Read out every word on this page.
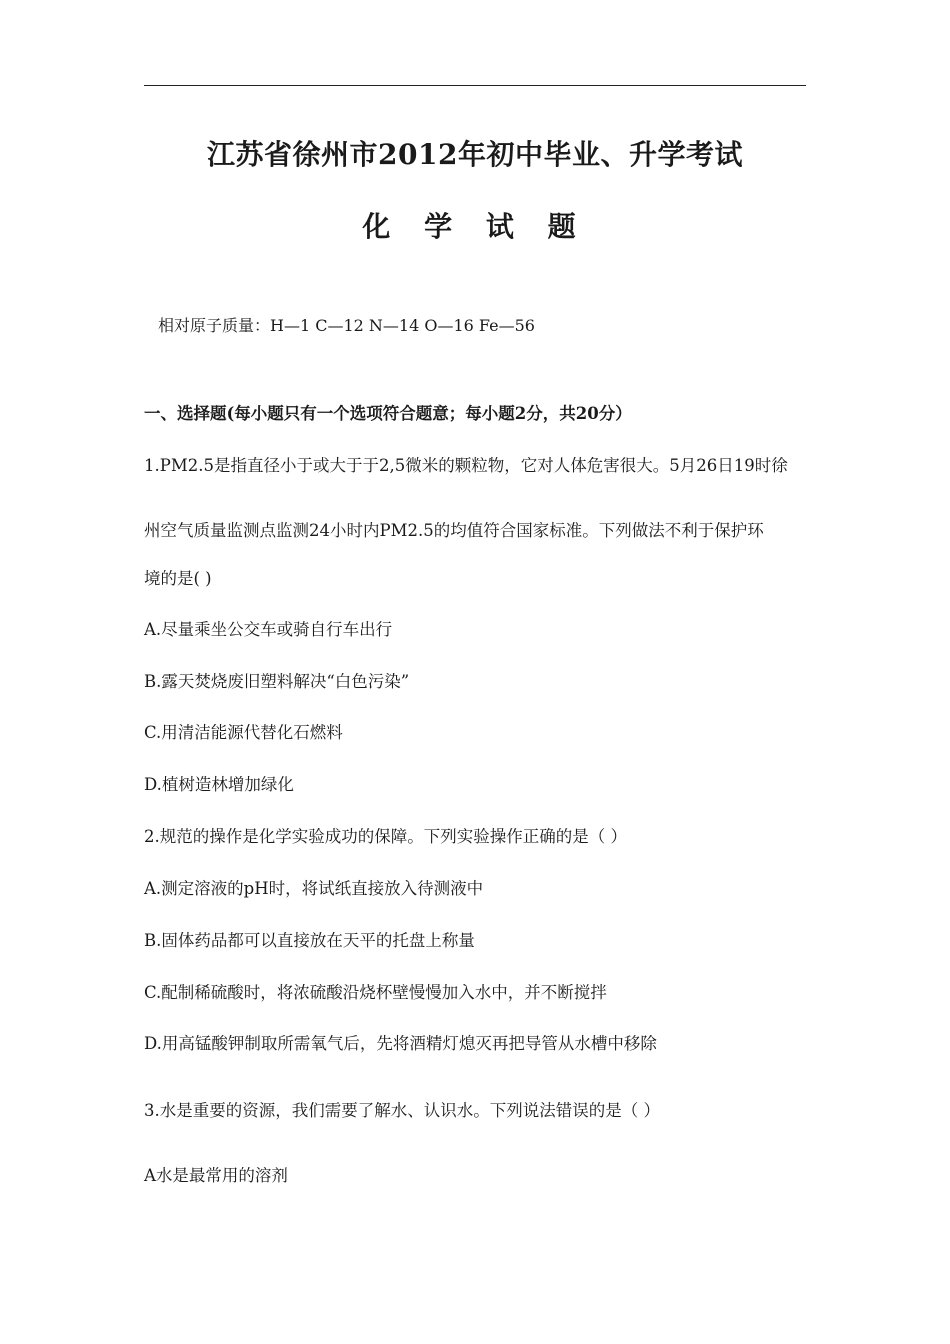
江苏省徐州市2012年初中毕业、升学考试
化 学 试 题
相对原子质量：H—1 C—12 N—14 O—16 Fe—56
一、选择题(每小题只有一个选项符合题意；每小题2分，共20分）
1.PM2.5是指直径小于或大于于2,5微米的颗粒物，它对人体危害很大。5月26日19时徐
州空气质量监测点监测24小时内PM2.5的均值符合国家标准。下列做法不利于保护环
境的是( )
A.尽量乘坐公交车或骑自行车出行
B.露天焚烧废旧塑料解决“白色污染”
C.用清洁能源代替化石燃料
D.植树造林增加绿化
2.规范的操作是化学实验成功的保障。下列实验操作正确的是（ ）
A.测定溶液的pH时，将试纸直接放入待测液中
B.固体药品都可以直接放在天平的托盘上称量
C.配制稀硫酸时，将浓硫酸沿烧杯壁慢慢加入水中，并不断搅拌
D.用高锰酸钾制取所需氧气后，先将酒精灯熄灭再把导管从水槽中移除
3.水是重要的资源，我们需要了解水、认识水。下列说法错误的是（ ）
A水是最常用的溶剂
